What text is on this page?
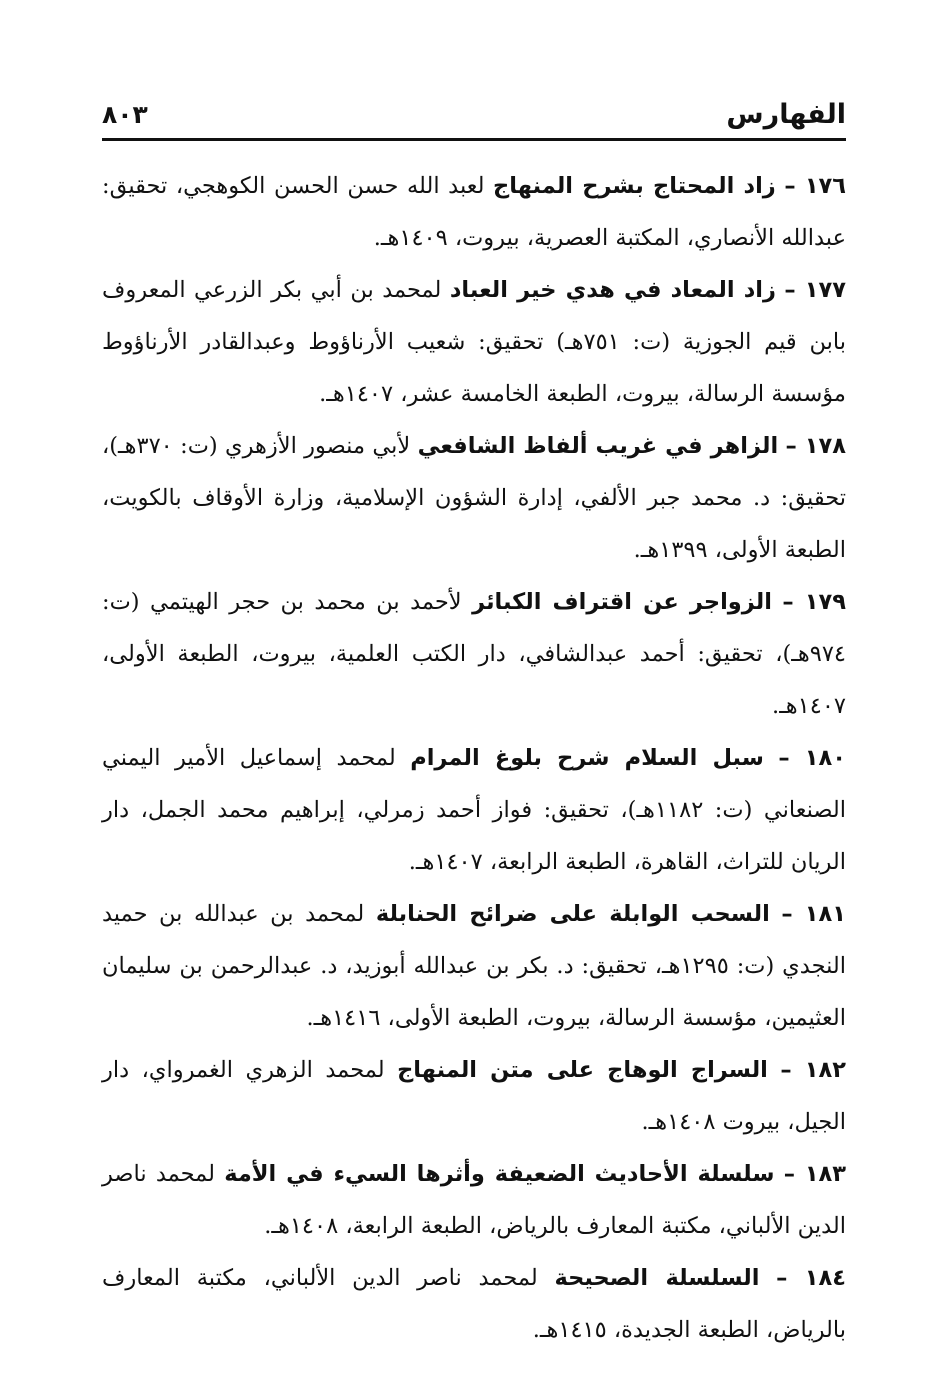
الفهارس
٨٠٣

١٧٦ – زاد المحتاج بشرح المنهاج لعبد الله حسن الحسن الكوهجي، تحقيق: عبدالله الأنصاري، المكتبة العصرية، بيروت، ١٤٠٩هـ.

١٧٧ – زاد المعاد في هدي خير العباد لمحمد بن أبي بكر الزرعي المعروف بابن قيم الجوزية (ت: ٧٥١هـ) تحقيق: شعيب الأرناؤوط وعبدالقادر الأرناؤوط مؤسسة الرسالة، بيروت، الطبعة الخامسة عشر، ١٤٠٧هـ.

١٧٨ – الزاهر في غريب ألفاظ الشافعي لأبي منصور الأزهري (ت: ٣٧٠هـ)، تحقيق: د. محمد جبر الألفي، إدارة الشؤون الإسلامية، وزارة الأوقاف بالكويت، الطبعة الأولى، ١٣٩٩هـ.

١٧٩ – الزواجر عن اقتراف الكبائر لأحمد بن محمد بن حجر الهيتمي (ت: ٩٧٤هـ)، تحقيق: أحمد عبدالشافي، دار الكتب العلمية، بيروت، الطبعة الأولى، ١٤٠٧هـ.

١٨٠ – سبل السلام شرح بلوغ المرام لمحمد إسماعيل الأمير اليمني الصنعاني (ت: ١١٨٢هـ)، تحقيق: فواز أحمد زمرلي، إبراهيم محمد الجمل، دار الريان للتراث، القاهرة، الطبعة الرابعة، ١٤٠٧هـ.

١٨١ – السحب الوابلة على ضرائح الحنابلة لمحمد بن عبدالله بن حميد النجدي (ت: ١٢٩٥هـ، تحقيق: د. بكر بن عبدالله أبوزيد، د. عبدالرحمن بن سليمان العثيمين، مؤسسة الرسالة، بيروت، الطبعة الأولى، ١٤١٦هـ.

١٨٢ – السراج الوهاج على متن المنهاج لمحمد الزهري الغمرواي، دار الجيل، بيروت ١٤٠٨هـ.

١٨٣ – سلسلة الأحاديث الضعيفة وأثرها السيء في الأمة لمحمد ناصر الدين الألباني، مكتبة المعارف بالرياض، الطبعة الرابعة، ١٤٠٨هـ.

١٨٤ – السلسلة الصحيحة لمحمد ناصر الدين الألباني، مكتبة المعارف بالرياض، الطبعة الجديدة، ١٤١٥هـ.
